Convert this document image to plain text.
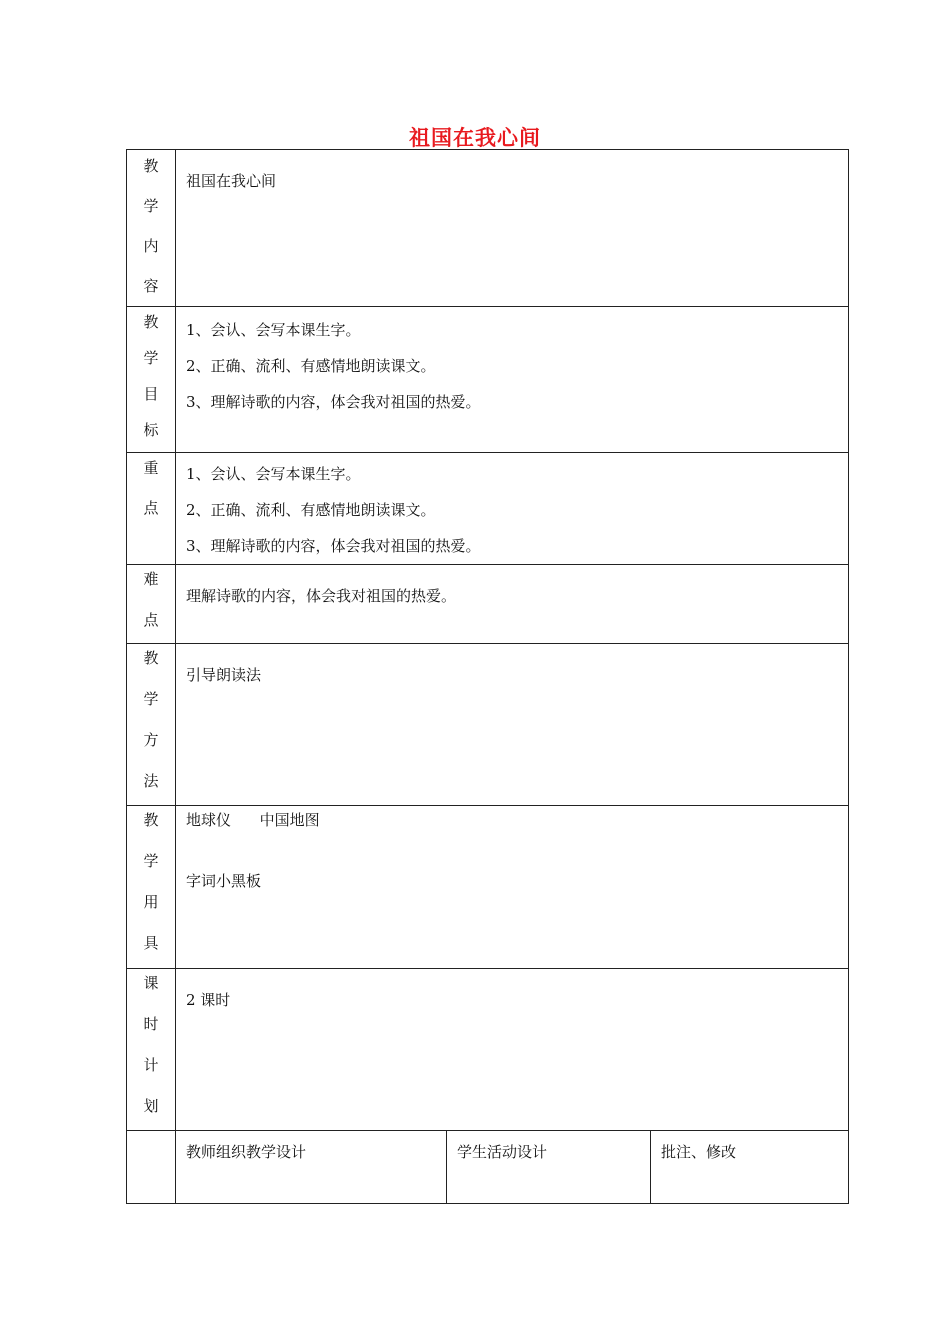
祖国在我心间
教
学
内
容	祖国在我心间		

教
学
目
标	1、会认、会写本课生字。
2、正确、流利、有感情地朗读课文。
3、理解诗歌的内容，体会我对祖国的热爱。		

重
点	1、会认、会写本课生字。
2、正确、流利、有感情地朗读课文。
3、理解诗歌的内容，体会我对祖国的热爱。		

难
点	理解诗歌的内容，体会我对祖国的热爱。		

教
学
方
法	引导朗读法		

教
学
用
具	地球仪      中国地图
字词小黑板		

课
时
计
划	2 课时		

	教师组织教学设计	学生活动设计	批注、修改
